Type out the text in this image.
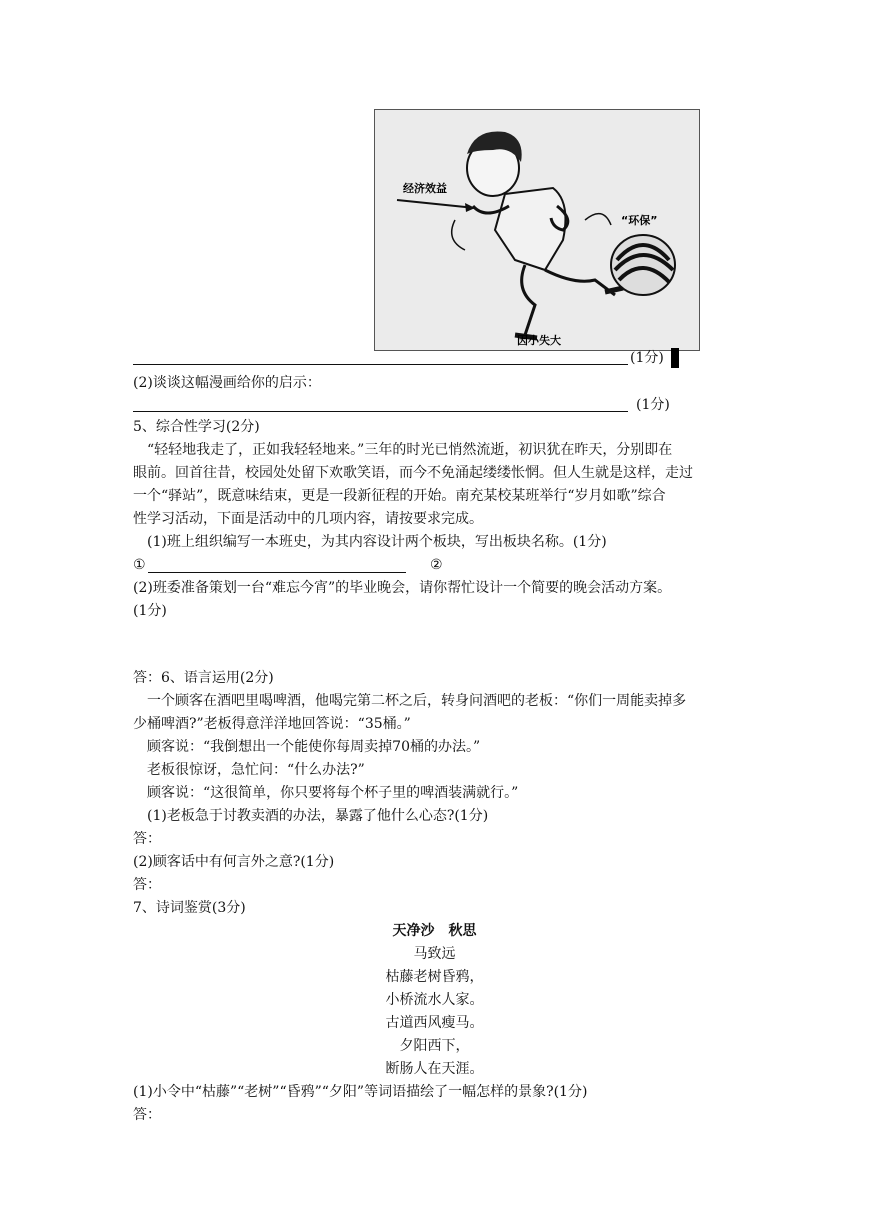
经济效益
“环保”
因小失大
(1分)
(2)谈谈这幅漫画给你的启示：
(1分)
5、综合性学习(2分)
“轻轻地我走了，正如我轻轻地来。”三年的时光已悄然流逝，初识犹在昨天，分别即在
眼前。回首往昔，校园处处留下欢歌笑语，而今不免涌起缕缕怅惘。但人生就是这样，走过
一个“驿站”，既意味结束，更是一段新征程的开始。南充某校某班举行“岁月如歌”综合
性学习活动，下面是活动中的几项内容，请按要求完成。
(1)班上组织编写一本班史，为其内容设计两个板块，写出板块名称。(1分)
①	②
(2)班委准备策划一台“难忘今宵”的毕业晚会，请你帮忙设计一个简要的晚会活动方案。
(1分)
答：6、语言运用(2分)
一个顾客在酒吧里喝啤酒，他喝完第二杯之后，转身问酒吧的老板：“你们一周能卖掉多
少桶啤酒?”老板得意洋洋地回答说：“35桶。”
顾客说：“我倒想出一个能使你每周卖掉70桶的办法。”
老板很惊讶，急忙问：“什么办法?”
顾客说：“这很简单，你只要将每个杯子里的啤酒装满就行。”
(1)老板急于讨教卖酒的办法，暴露了他什么心态?(1分)
答：
(2)顾客话中有何言外之意?(1分)
答：
7、诗词鉴赏(3分)
天净沙　秋思
马致远
枯藤老树昏鸦，
小桥流水人家。
古道西风瘦马。
夕阳西下，
断肠人在天涯。
(1)小令中“枯藤”“老树”“昏鸦”“夕阳”等词语描绘了一幅怎样的景象?(1分)
答：
